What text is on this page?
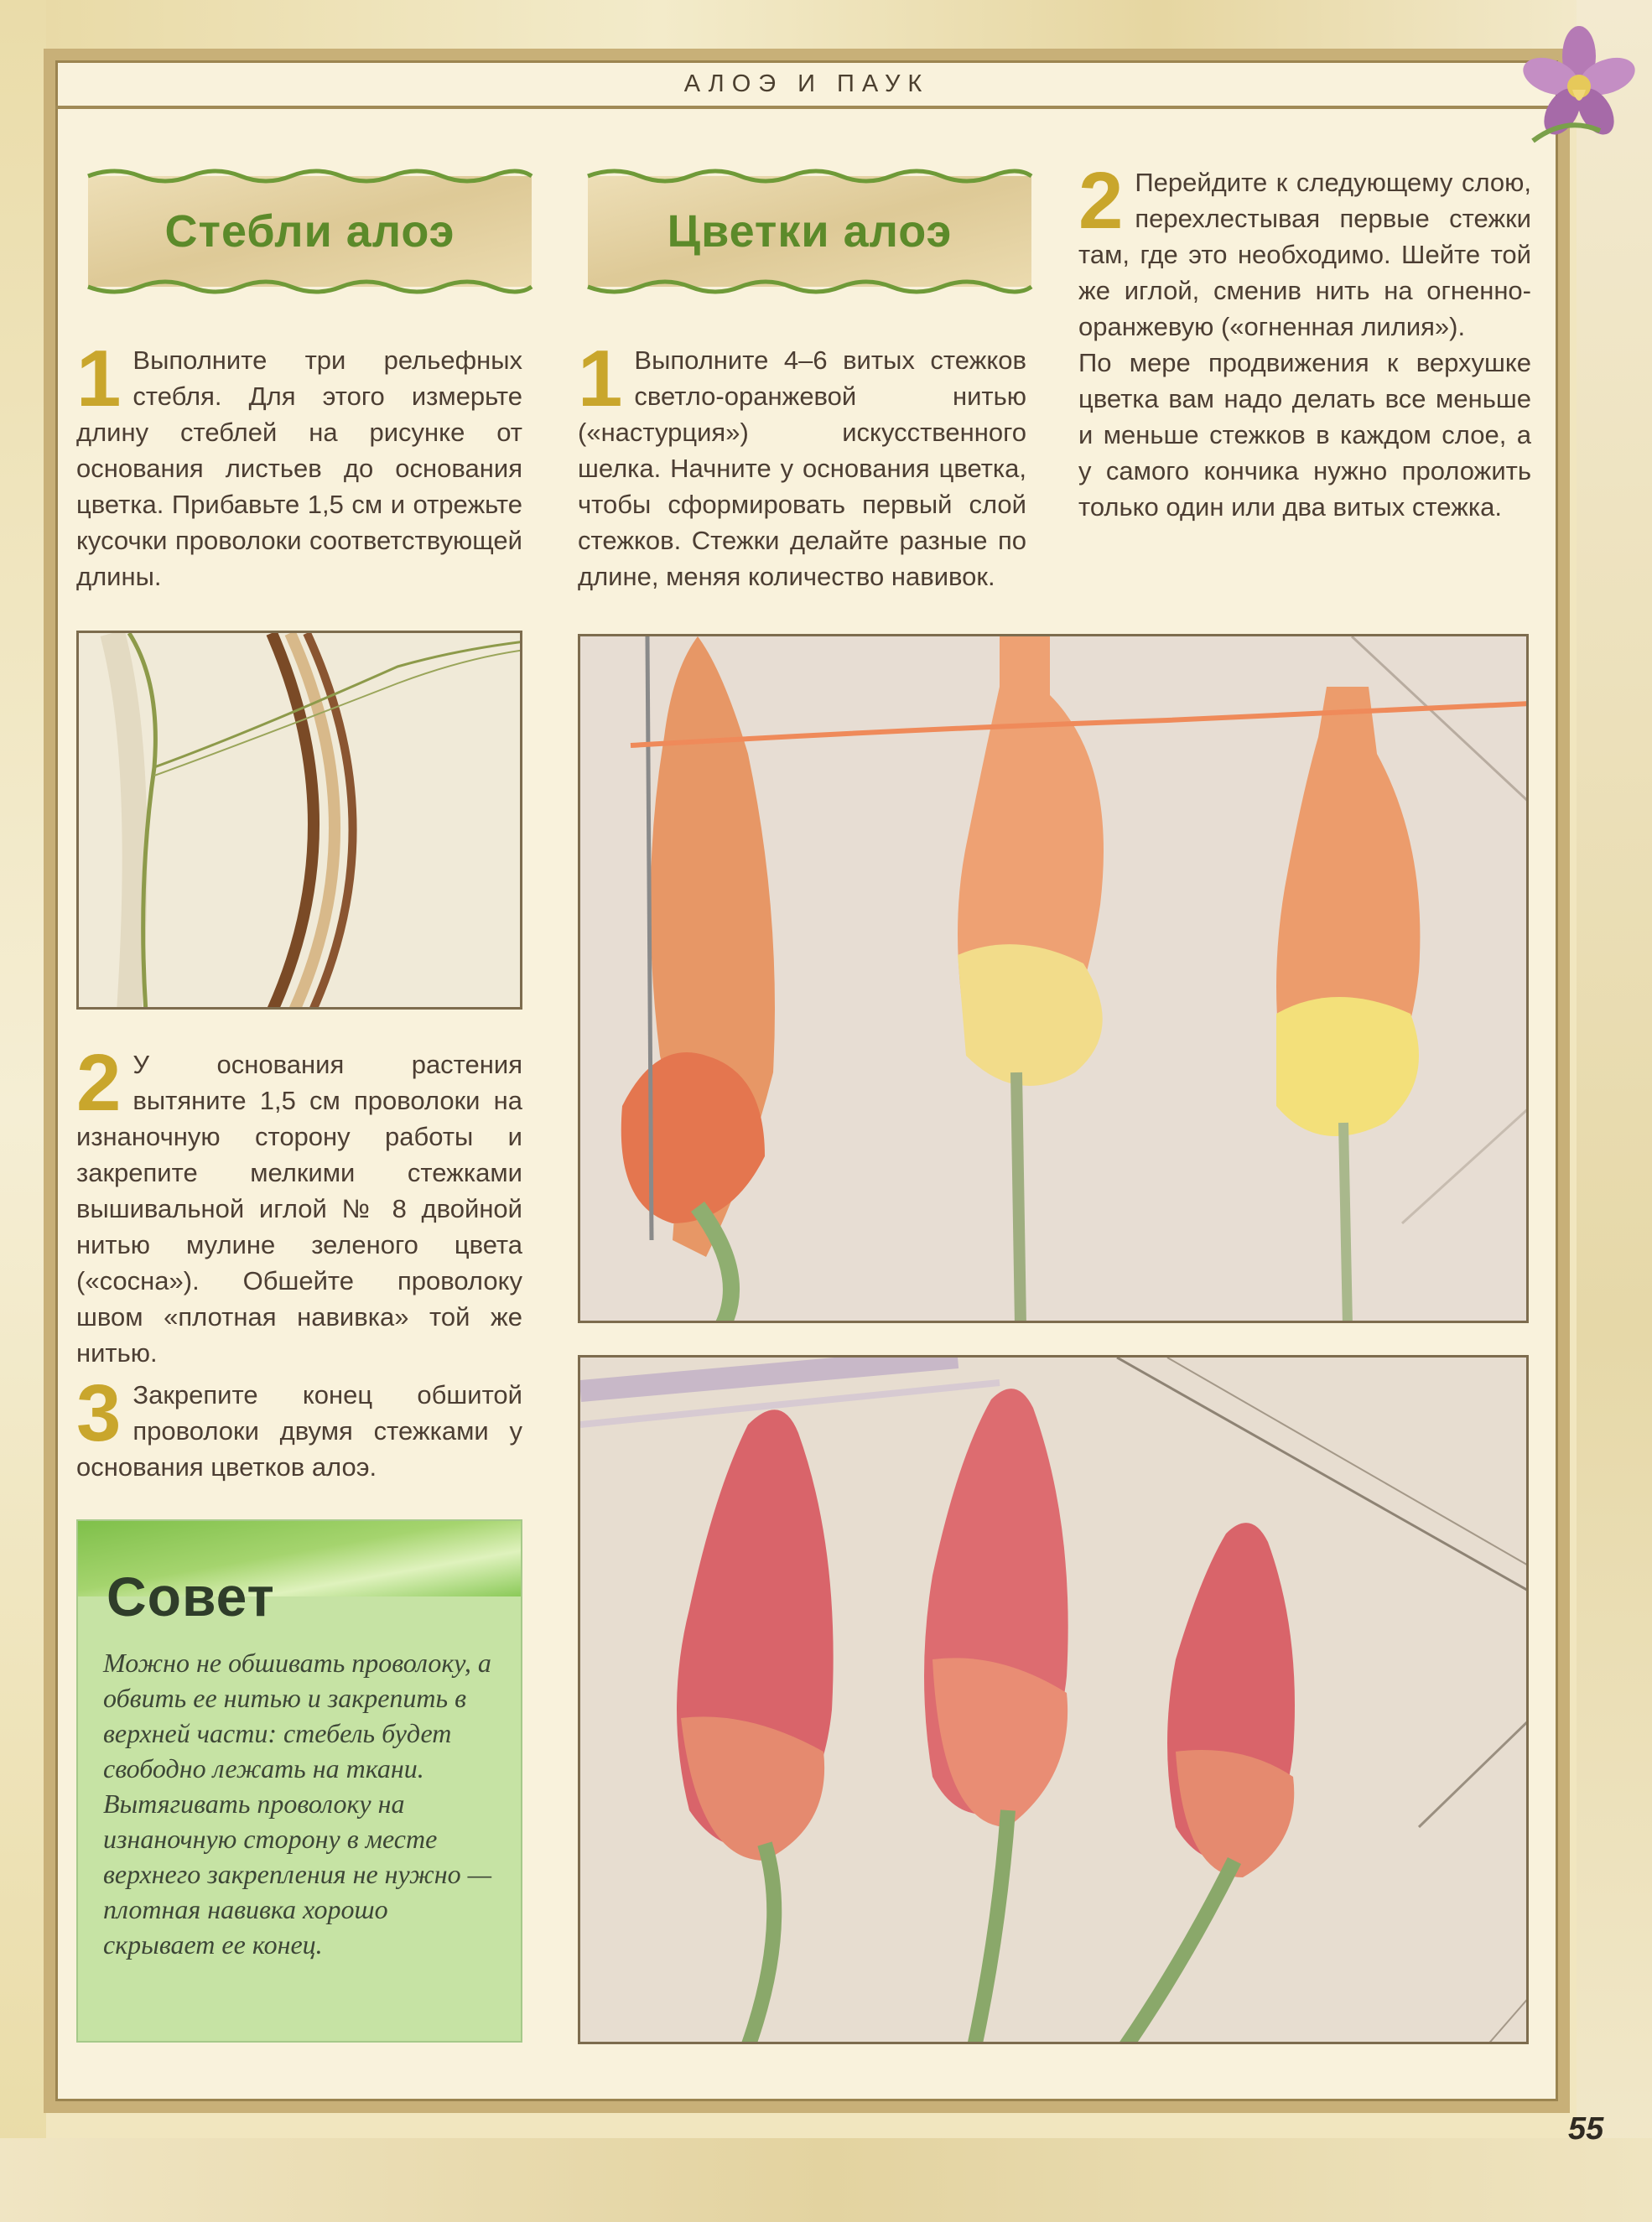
АЛОЭ И ПАУК
Стебли алоэ	Цветки алоэ
1 Выполните три рельефных стебля. Для этого измерьте длину стеблей на рисунке от основания листьев до основания цветка. Прибавьте 1,5 см и отрежьте кусочки проволоки соответствующей длины.

2 У основания растения вытяните 1,5 см проволоки на изнаночную сторону работы и закрепите мелкими стежками вышивальной иглой № 8 двойной нитью мулине зеленого цвета («сосна»). Обшейте проволоку швом «плотная навивка» той же нитью.

3 Закрепите конец обшитой проволоки двумя стежками у основания цветков алоэ.

1 Выполните 4–6 витых стежков светло-оранжевой нитью («настурция») искусственного шелка. Начните у основания цветка, чтобы сформировать первый слой стежков. Стежки делайте разные по длине, меняя количество навивок.

2 Перейдите к следующему слою, перехлестывая первые стежки там, где это необходимо. Шейте той же иглой, сменив нить на огненно-оранжевую («огненная лилия»).

По мере продвижения к верхушке цветка вам надо делать все меньше и меньше стежков в каждом слое, а у самого кончика нужно проложить только один или два витых стежка.

Совет
Можно не обшивать проволоку, а обвить ее нитью и закрепить в верхней части: стебель будет свободно лежать на ткани. Вытягивать проволоку на изнаночную сторону в месте верхнего закрепления не нужно — плотная навивка хорошо скрывает ее конец.
55
